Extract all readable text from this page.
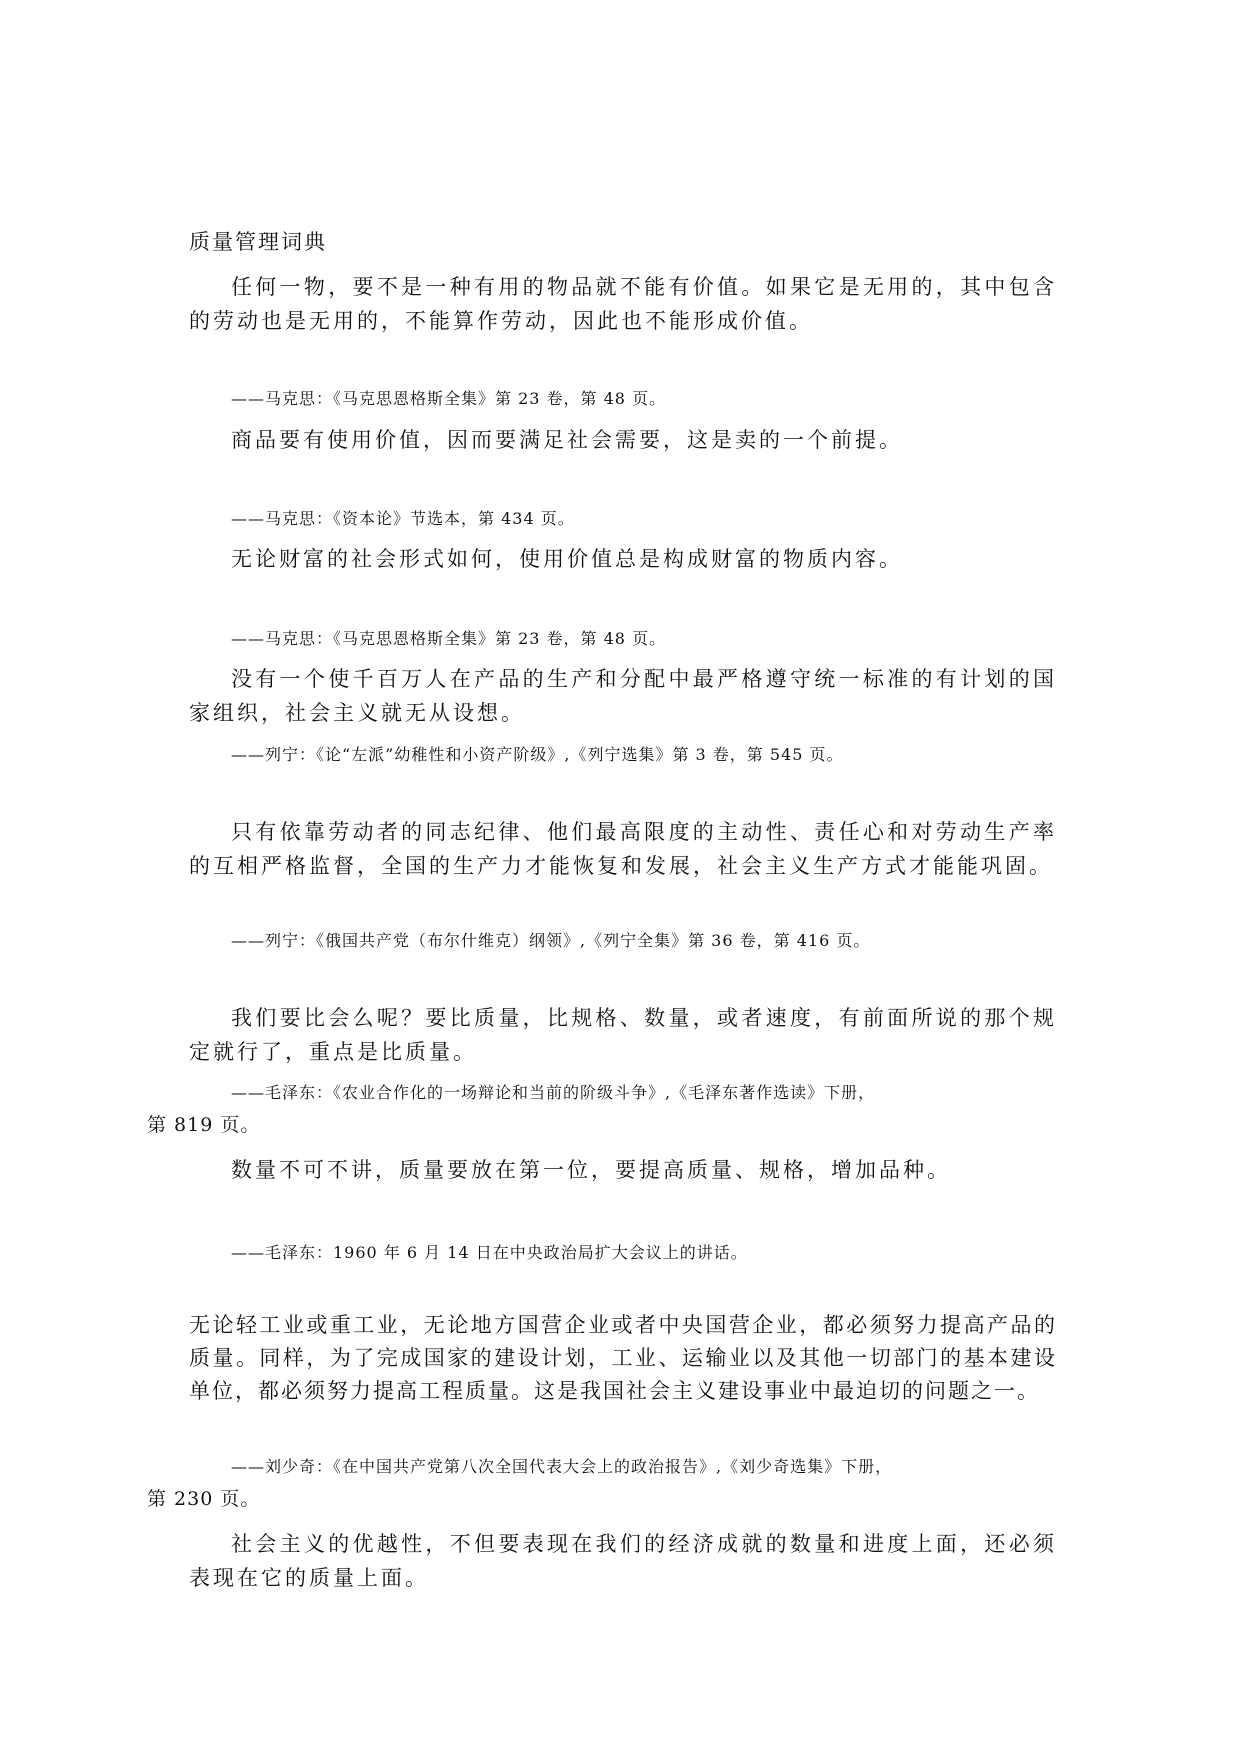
质量管理词典

任何一物，要不是一种有用的物品就不能有价值。如果它是无用的，其中包含的劳动也是无用的，不能算作劳动，因此也不能形成价值。

——马克思：《马克思恩格斯全集》第 23 卷，第 48 页。

商品要有使用价值，因而要满足社会需要，这是卖的一个前提。

——马克思：《资本论》节选本，第 434 页。

无论财富的社会形式如何，使用价值总是构成财富的物质内容。

——马克思：《马克思恩格斯全集》第 23 卷，第 48 页。

没有一个使千百万人在产品的生产和分配中最严格遵守统一标准的有计划的国家组织，社会主义就无从设想。

——列宁：《论“左派”幼稚性和小资产阶级》,《列宁选集》第 3 卷，第 545 页。

只有依靠劳动者的同志纪律、他们最高限度的主动性、责任心和对劳动生产率的互相严格监督，全国的生产力才能恢复和发展，社会主义生产方式才能能巩固。

——列宁：《俄国共产党（布尔什维克）纲领》,《列宁全集》第 36 卷，第 416 页。

我们要比会么呢？要比质量，比规格、数量，或者速度，有前面所说的那个规定就行了，重点是比质量。

——毛泽东：《农业合作化的一场辩论和当前的阶级斗争》,《毛泽东著作选读》下册，
第 819 页。

数量不可不讲，质量要放在第一位，要提高质量、规格，增加品种。

——毛泽东：1960 年 6 月 14 日在中央政治局扩大会议上的讲话。

无论轻工业或重工业，无论地方国营企业或者中央国营企业，都必须努力提高产品的质量。同样，为了完成国家的建设计划，工业、运输业以及其他一切部门的基本建设单位，都必须努力提高工程质量。这是我国社会主义建设事业中最迫切的问题之一。

——刘少奇：《在中国共产党第八次全国代表大会上的政治报告》,《刘少奇选集》下册，
第 230 页。

社会主义的优越性，不但要表现在我们的经济成就的数量和进度上面，还必须表现在它的质量上面。
